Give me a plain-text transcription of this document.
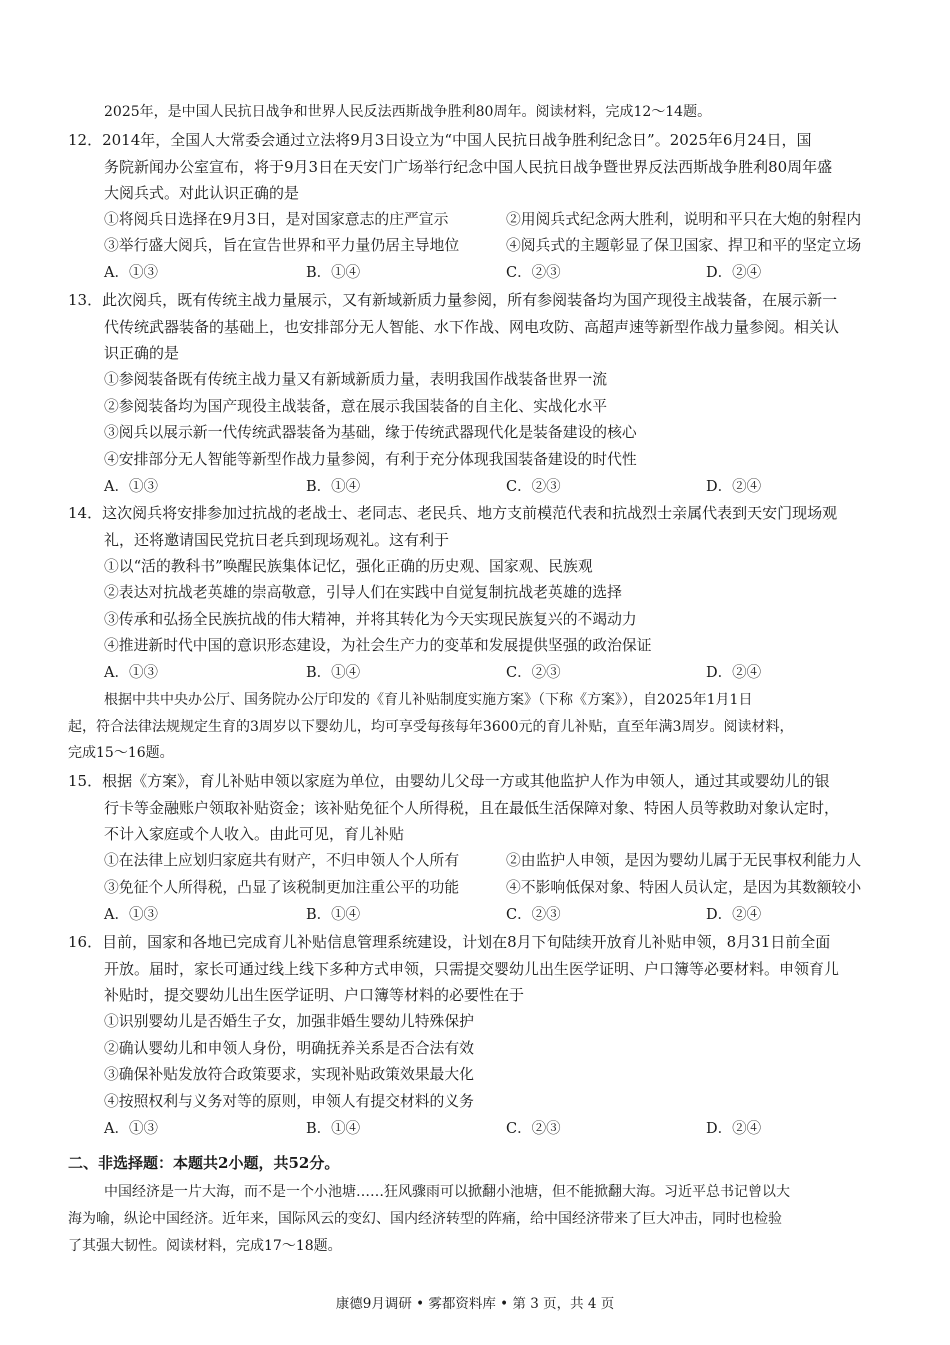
2025年，是中国人民抗日战争和世界人民反法西斯战争胜利80周年。阅读材料，完成12～14题。
12．2014年，全国人大常委会通过立法将9月3日设立为“中国人民抗日战争胜利纪念日”。2025年6月24日，国
务院新闻办公室宣布，将于9月3日在天安门广场举行纪念中国人民抗日战争暨世界反法西斯战争胜利80周年盛
大阅兵式。对此认识正确的是
①将阅兵日选择在9月3日，是对国家意志的庄严宣示	②用阅兵式纪念两大胜利，说明和平只在大炮的射程内
③举行盛大阅兵，旨在宣告世界和平力量仍居主导地位	④阅兵式的主题彰显了保卫国家、捍卫和平的坚定立场
A．①③	B．①④	C．②③	D．②④
13．此次阅兵，既有传统主战力量展示，又有新域新质力量参阅，所有参阅装备均为国产现役主战装备，在展示新一
代传统武器装备的基础上，也安排部分无人智能、水下作战、网电攻防、高超声速等新型作战力量参阅。相关认
识正确的是
①参阅装备既有传统主战力量又有新域新质力量，表明我国作战装备世界一流
②参阅装备均为国产现役主战装备，意在展示我国装备的自主化、实战化水平
③阅兵以展示新一代传统武器装备为基础，缘于传统武器现代化是装备建设的核心
④安排部分无人智能等新型作战力量参阅，有利于充分体现我国装备建设的时代性
A．①③	B．①④	C．②③	D．②④
14．这次阅兵将安排参加过抗战的老战士、老同志、老民兵、地方支前模范代表和抗战烈士亲属代表到天安门现场观
礼，还将邀请国民党抗日老兵到现场观礼。这有利于
①以“活的教科书”唤醒民族集体记忆，强化正确的历史观、国家观、民族观
②表达对抗战老英雄的崇高敬意，引导人们在实践中自觉复制抗战老英雄的选择
③传承和弘扬全民族抗战的伟大精神，并将其转化为今天实现民族复兴的不竭动力
④推进新时代中国的意识形态建设，为社会生产力的变革和发展提供坚强的政治保证
A．①③	B．①④	C．②③	D．②④
根据中共中央办公厅、国务院办公厅印发的《育儿补贴制度实施方案》（下称《方案》），自2025年1月1日
起，符合法律法规规定生育的3周岁以下婴幼儿，均可享受每孩每年3600元的育儿补贴，直至年满3周岁。阅读材料，
完成15～16题。
15．根据《方案》，育儿补贴申领以家庭为单位，由婴幼儿父母一方或其他监护人作为申领人，通过其或婴幼儿的银
行卡等金融账户领取补贴资金；该补贴免征个人所得税，且在最低生活保障对象、特困人员等救助对象认定时，
不计入家庭或个人收入。由此可见，育儿补贴
①在法律上应划归家庭共有财产，不归申领人个人所有	②由监护人申领，是因为婴幼儿属于无民事权利能力人
③免征个人所得税，凸显了该税制更加注重公平的功能	④不影响低保对象、特困人员认定，是因为其数额较小
A．①③	B．①④	C．②③	D．②④
16．目前，国家和各地已完成育儿补贴信息管理系统建设，计划在8月下旬陆续开放育儿补贴申领，8月31日前全面
开放。届时，家长可通过线上线下多种方式申领，只需提交婴幼儿出生医学证明、户口簿等必要材料。申领育儿
补贴时，提交婴幼儿出生医学证明、户口簿等材料的必要性在于
①识别婴幼儿是否婚生子女，加强非婚生婴幼儿特殊保护
②确认婴幼儿和申领人身份，明确抚养关系是否合法有效
③确保补贴发放符合政策要求，实现补贴政策效果最大化
④按照权利与义务对等的原则，申领人有提交材料的义务
A．①③	B．①④	C．②③	D．②④
二、非选择题：本题共2小题，共52分。
中国经济是一片大海，而不是一个小池塘……狂风骤雨可以掀翻小池塘，但不能掀翻大海。习近平总书记曾以大
海为喻，纵论中国经济。近年来，国际风云的变幻、国内经济转型的阵痛，给中国经济带来了巨大冲击，同时也检验
了其强大韧性。阅读材料，完成17～18题。
康德9月调研 • 雾都资料库 • 第 3 页，共 4 页
